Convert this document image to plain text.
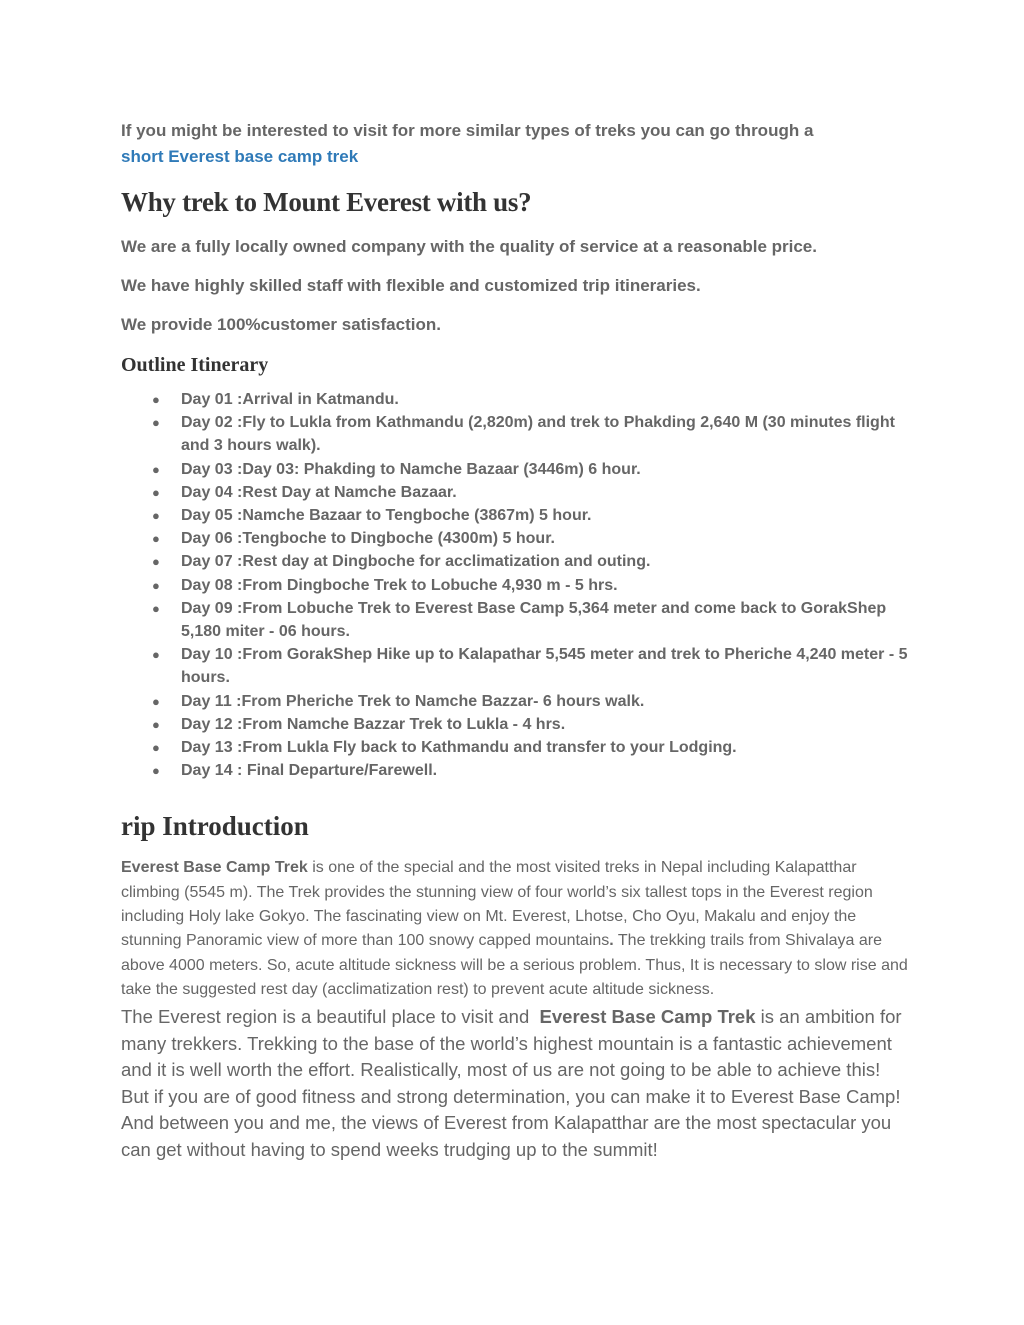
If you might be interested to visit for more similar types of treks you can go through a
short Everest base camp trek

Why trek to Mount Everest with us?

We are a fully locally owned company with the quality of service at a reasonable price.

We have highly skilled staff with flexible and customized trip itineraries.

We provide 100%customer satisfaction.

Outline Itinerary
● Day 01 :Arrival in Katmandu.
● Day 02 :Fly to Lukla from Kathmandu (2,820m) and trek to Phakding 2,640 M (30 minutes flight and 3 hours walk).
● Day 03 :Day 03: Phakding to Namche Bazaar (3446m) 6 hour.
● Day 04 :Rest Day at Namche Bazaar.
● Day 05 :Namche Bazaar to Tengboche (3867m) 5 hour.
● Day 06 :Tengboche to Dingboche (4300m) 5 hour.
● Day 07 :Rest day at Dingboche for acclimatization and outing.
● Day 08 :From Dingboche Trek to Lobuche 4,930 m - 5 hrs.
● Day 09 :From Lobuche Trek to Everest Base Camp 5,364 meter and come back to GorakShep 5,180 miter - 06 hours.
● Day 10 :From GorakShep Hike up to Kalapathar 5,545 meter and trek to Pheriche 4,240 meter - 5 hours.
● Day 11 :From Pheriche Trek to Namche Bazzar- 6 hours walk.
● Day 12 :From Namche Bazzar Trek to Lukla - 4 hrs.
● Day 13 :From Lukla Fly back to Kathmandu and transfer to your Lodging.
● Day 14 : Final Departure/Farewell.
rip Introduction

Everest Base Camp Trek is one of the special and the most visited treks in Nepal including Kalapatthar climbing (5545 m). The Trek provides the stunning view of four world’s six tallest tops in the Everest region including Holy lake Gokyo. The fascinating view on Mt. Everest, Lhotse, Cho Oyu, Makalu and enjoy the stunning Panoramic view of more than 100 snowy capped mountains. The trekking trails from Shivalaya are above 4000 meters. So, acute altitude sickness will be a serious problem. Thus, It is necessary to slow rise and take the suggested rest day (acclimatization rest) to prevent acute altitude sickness.

The Everest region is a beautiful place to visit and  Everest Base Camp Trek is an ambition for many trekkers. Trekking to the base of the world’s highest mountain is a fantastic achievement and it is well worth the effort. Realistically, most of us are not going to be able to achieve this! But if you are of good fitness and strong determination, you can make it to Everest Base Camp! And between you and me, the views of Everest from Kalapatthar are the most spectacular you can get without having to spend weeks trudging up to the summit!
